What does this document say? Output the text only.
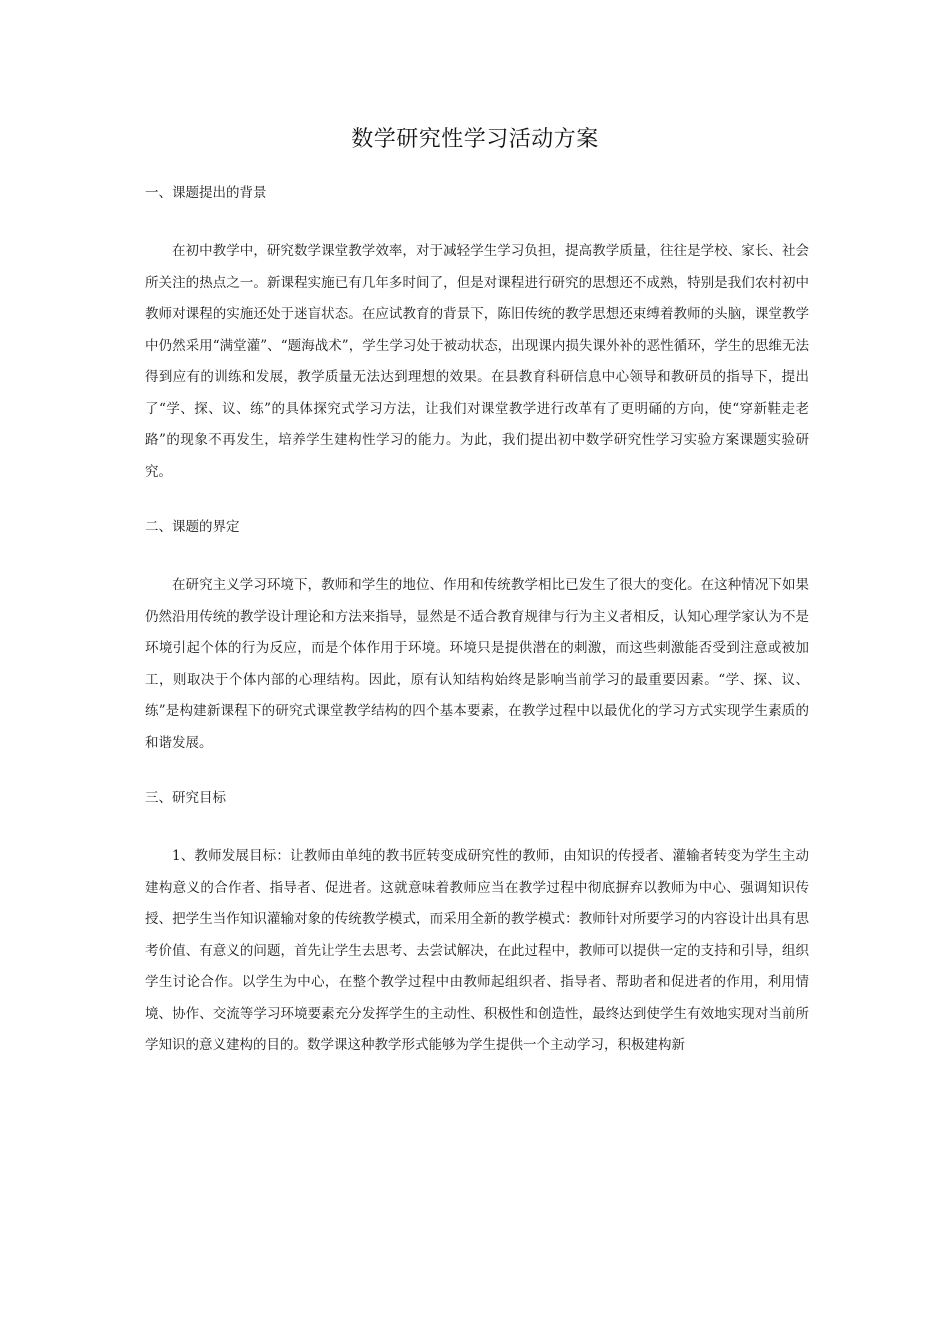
数学研究性学习活动方案

一、课题提出的背景

在初中教学中，研究数学课堂教学效率，对于减轻学生学习负担，提高教学质量，往往是学校、家长、社会所关注的热点之一。新课程实施已有几年多时间了，但是对课程进行研究的思想还不成熟，特别是我们农村初中教师对课程的实施还处于迷盲状态。在应试教育的背景下，陈旧传统的教学思想还束缚着教师的头脑，课堂教学中仍然采用“满堂灌”、“题海战术”，学生学习处于被动状态，出现课内损失课外补的恶性循环，学生的思维无法得到应有的训练和发展，教学质量无法达到理想的效果。在县教育科研信息中心领导和教研员的指导下，提出了“学、探、议、练”的具体探究式学习方法，让我们对课堂教学进行改革有了更明硧的方向，使“穿新鞋走老路”的现象不再发生，培养学生建构性学习的能力。为此，我们提出初中数学研究性学习实验方案课题实验研究。

二、课题的界定

在研究主义学习环境下，教师和学生的地位、作用和传统教学相比已发生了很大的变化。在这种情况下如果仍然沿用传统的教学设计理论和方法来指导，显然是不适合教育规律与行为主义者相反，认知心理学家认为不是环境引起个体的行为反应，而是个体作用于环境。环境只是提供潜在的刺激，而这些刺激能否受到注意或被加工，则取决于个体内部的心理结构。因此，原有认知结构始终是影响当前学习的最重要因素。“学、探、议、练”是构建新课程下的研究式课堂教学结构的四个基本要素，在教学过程中以最优化的学习方式实现学生素质的和谐发展。

三、研究目标

1、教师发展目标：让教师由单纯的教书匠转变成研究性的教师，由知识的传授者、灌输者转变为学生主动建构意义的合作者、指导者、促进者。这就意味着教师应当在教学过程中彻底摒弃以教师为中心、强调知识传授、把学生当作知识灌输对象的传统教学模式，而采用全新的教学模式：教师针对所要学习的内容设计出具有思考价值、有意义的问题，首先让学生去思考、去尝试解决，在此过程中，教师可以提供一定的支持和引导，组织学生讨论合作。以学生为中心，在整个教学过程中由教师起组织者、指导者、帮助者和促进者的作用，利用情境、协作、交流等学习环境要素充分发挥学生的主动性、积极性和创造性，最终达到使学生有效地实现对当前所学知识的意义建构的目的。数学课这种教学形式能够为学生提供一个主动学习，积极建构新
